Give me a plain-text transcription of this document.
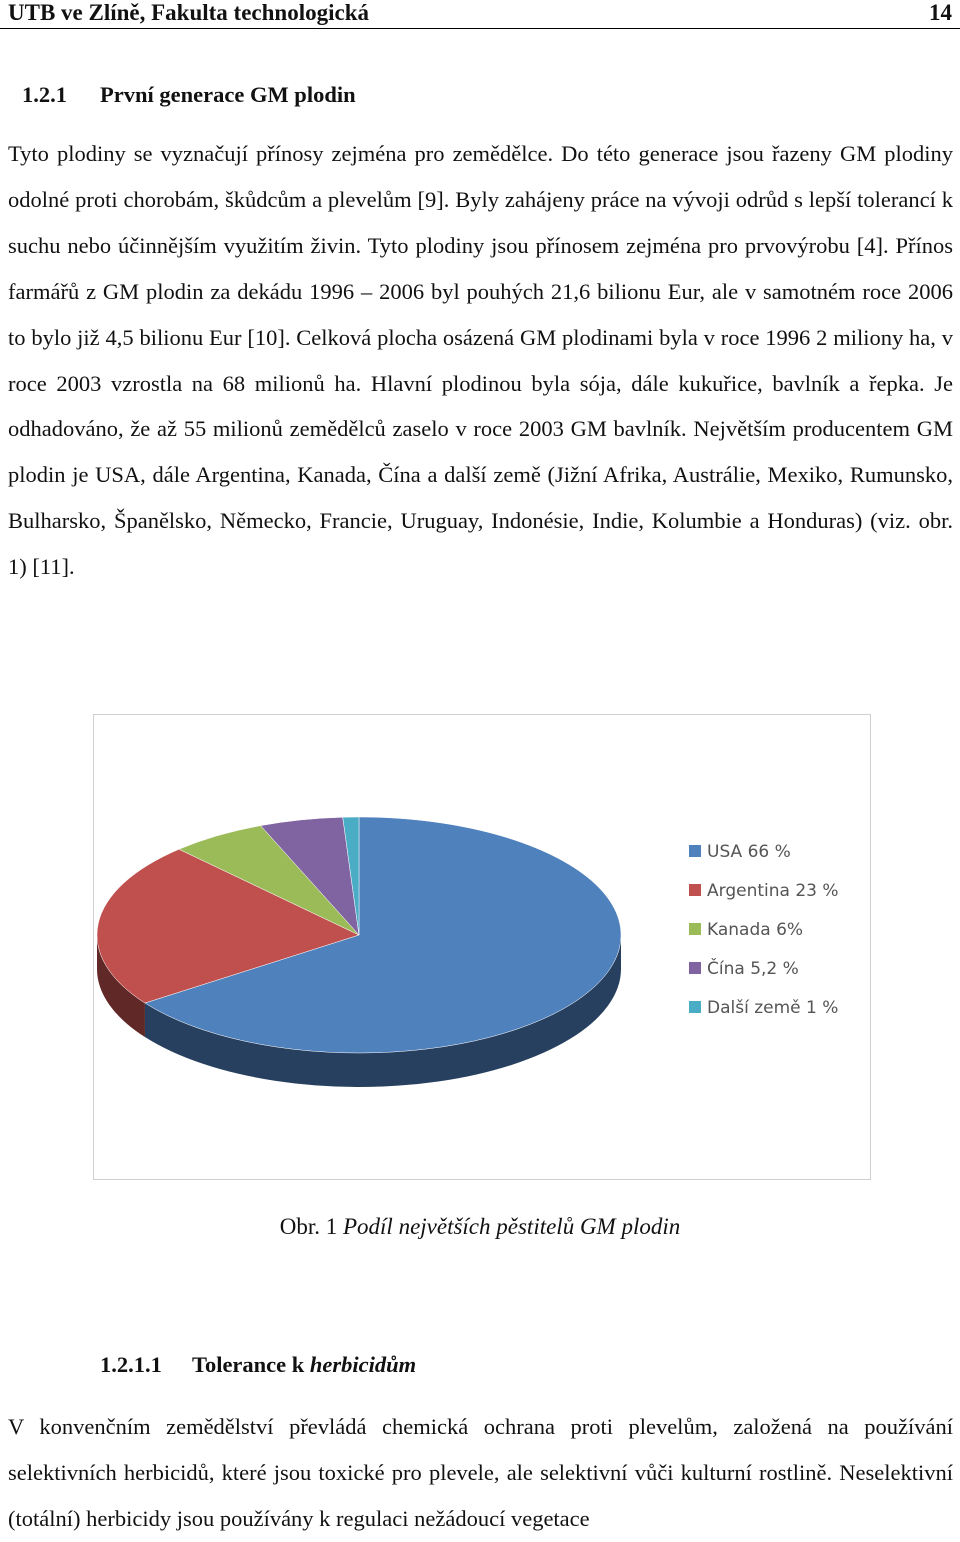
UTB ve Zlíně, Fakulta technologická	14
1.2.1 První generace GM plodin
Tyto plodiny se vyznačují přínosy zejména pro zemědělce. Do této generace jsou řazeny GM plodiny odolné proti chorobám, škůdcům a plevelům [9]. Byly zahájeny práce na vývoji odrůd s lepší tolerancí k suchu nebo účinnějším využitím živin. Tyto plodiny jsou přínosem zejména pro prvovýrobu [4]. Přínos farmářů z GM plodin za dekádu 1996 – 2006 byl pouhých 21,6 bilionu Eur, ale v samotném roce 2006 to bylo již 4,5 bilionu Eur [10]. Celková plocha osázená GM plodinami byla v roce 1996 2 miliony ha, v roce 2003 vzrostla na 68 milionů ha. Hlavní plodinou byla sója, dále kukuřice, bavlník a řepka. Je odhadováno, že až 55 milionů zemědělců zaselo v roce 2003 GM bavlník. Největším producentem GM plodin je USA, dále Argentina, Kanada, Čína a další země (Jižní Afrika, Austrálie, Mexiko, Rumunsko, Bulharsko, Španělsko, Německo, Francie, Uruguay, Indonésie, Indie, Kolumbie a Honduras) (viz. obr. 1) [11].
USA 66 %
Argentina 23 %
Kanada 6%
Čína 5,2 %
Další země 1 %
Obr. 1 Podíl největších pěstitelů GM plodin
1.2.1.1 Tolerance k herbicidům
V konvenčním zemědělství převládá chemická ochrana proti plevelům, založená na používání selektivních herbicidů, které jsou toxické pro plevele, ale selektivní vůči kulturní rostlině. Neselektivní (totální) herbicidy jsou používány k regulaci nežádoucí vegetace
